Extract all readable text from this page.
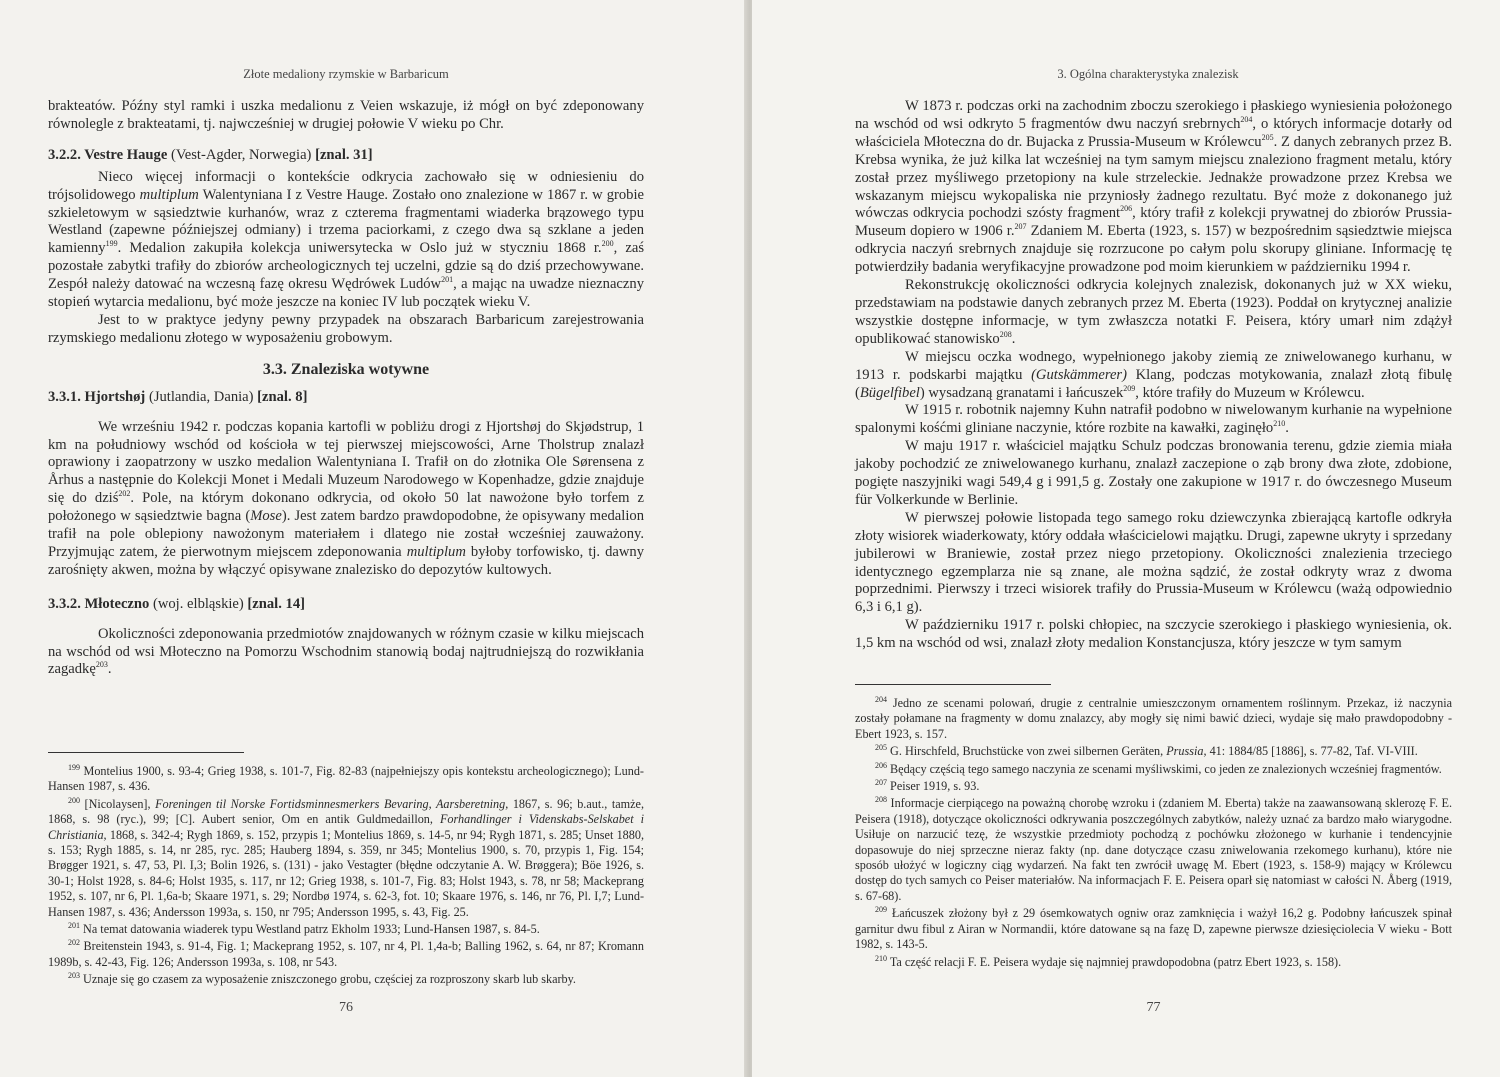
Złote medaliony rzymskie w Barbaricum

brakteatów. Późny styl ramki i uszka medalionu z Veien wskazuje, iż mógł on być zdeponowany równolegle z brakteatami, tj. najwcześniej w drugiej połowie V wieku po Chr.

3.2.2. Vestre Hauge (Vest-Agder, Norwegia) [znal. 31]

Nieco więcej informacji o kontekście odkrycia zachowało się w odniesieniu do trójsolidowego multiplum Walentyniana I z Vestre Hauge. Zostało ono znalezione w 1867 r. w grobie szkieletowym w sąsiedztwie kurhanów, wraz z czterema fragmentami wiaderka brązowego typu Westland (zapewne późniejszej odmiany) i trzema paciorkami, z czego dwa są szklane a jeden kamienny$^{199}$. Medalion zakupiła kolekcja uniwersytecka w Oslo już w styczniu 1868 r.$^{200}$, zaś pozostałe zabytki trafiły do zbiorów archeologicznych tej uczelni, gdzie są do dziś przechowywane. Zespół należy datować na wczesną fazę okresu Wędrówek Ludów$^{201}$, a mając na uwadze nieznaczny stopień wytarcia medalionu, być może jeszcze na koniec IV lub początek wieku V.

Jest to w praktyce jedyny pewny przypadek na obszarach Barbaricum zarejestrowania rzymskiego medalionu złotego w wyposażeniu grobowym.

3.3. Znaleziska wotywne

3.3.1. Hjortshøj (Jutlandia, Dania) [znal. 8]

We wrześniu 1942 r. podczas kopania kartofli w pobliżu drogi z Hjortshøj do Skjødstrup, 1 km na południowy wschód od kościoła w tej pierwszej miejscowości, Arne Tholstrup znalazł oprawiony i zaopatrzony w uszko medalion Walentyniana I. Trafił on do złotnika Ole Sørensena z Århus a następnie do Kolekcji Monet i Medali Muzeum Narodowego w Kopenhadze, gdzie znajduje się do dziś$^{202}$. Pole, na którym dokonano odkrycia, od około 50 lat nawożone było torfem z położonego w sąsiedztwie bagna (Mose). Jest zatem bardzo prawdopodobne, że opisywany medalion trafił na pole oblepiony nawożonym materiałem i dlatego nie został wcześniej zauważony. Przyjmując zatem, że pierwotnym miejscem zdeponowania multiplum byłoby torfowisko, tj. dawny zarośnięty akwen, można by włączyć opisywane znalezisko do depozytów kultowych.

3.3.2. Młoteczno (woj. elbląskie) [znal. 14]

Okoliczności zdeponowania przedmiotów znajdowanych w różnym czasie w kilku miejscach na wschód od wsi Młoteczno na Pomorzu Wschodnim stanowią bodaj najtrudniejszą do rozwikłania zagadkę$^{203}$.

$^{199}$ Montelius 1900, s. 93-4; Grieg 1938, s. 101-7, Fig. 82-83 (najpełniejszy opis kontekstu archeologicznego); Lund-Hansen 1987, s. 436.

$^{200}$ [Nicolaysen], Foreningen til Norske Fortidsminnesmerkers Bevaring, Aarsberetning, 1867, s. 96; b.aut., tamże, 1868, s. 98 (ryc.), 99; [C]. Aubert senior, Om en antik Guldmedaillon, Forhandlinger i Videnskabs-Selskabet i Christiania, 1868, s. 342-4; Rygh 1869, s. 152, przypis 1; Montelius 1869, s. 14-5, nr 94; Rygh 1871, s. 285; Unset 1880, s. 153; Rygh 1885, s. 14, nr 285, ryc. 285; Hauberg 1894, s. 359, nr 345; Montelius 1900, s. 70, przypis 1, Fig. 154; Brøgger 1921, s. 47, 53, Pl. I,3; Bolin 1926, s. (131) - jako Vestagter (błędne odczytanie A. W. Brøggera); Böe 1926, s. 30-1; Holst 1928, s. 84-6; Holst 1935, s. 117, nr 12; Grieg 1938, s. 101-7, Fig. 83; Holst 1943, s. 78, nr 58; Mackeprang 1952, s. 107, nr 6, Pl. 1,6a-b; Skaare 1971, s. 29; Nordbø 1974, s. 62-3, fot. 10; Skaare 1976, s. 146, nr 76, Pl. I,7; Lund-Hansen 1987, s. 436; Andersson 1993a, s. 150, nr 795; Andersson 1995, s. 43, Fig. 25.

$^{201}$ Na temat datowania wiaderek typu Westland patrz Ekholm 1933; Lund-Hansen 1987, s. 84-5.

$^{202}$ Breitenstein 1943, s. 91-4, Fig. 1; Mackeprang 1952, s. 107, nr 4, Pl. 1,4a-b; Balling 1962, s. 64, nr 87; Kromann 1989b, s. 42-43, Fig. 126; Andersson 1993a, s. 108, nr 543.

$^{203}$ Uznaje się go czasem za wyposażenie zniszczonego grobu, częściej za rozproszony skarb lub skarby.

76
3. Ogólna charakterystyka znalezisk

W 1873 r. podczas orki na zachodnim zboczu szerokiego i płaskiego wyniesienia położonego na wschód od wsi odkryto 5 fragmentów dwu naczyń srebrnych$^{204}$, o których informacje dotarły od właściciela Młoteczna do dr. Bujacka z Prussia-Museum w Królewcu$^{205}$. Z danych zebranych przez B. Krebsa wynika, że już kilka lat wcześniej na tym samym miejscu znaleziono fragment metalu, który został przez myśliwego przetopiony na kule strzeleckie. Jednakże prowadzone przez Krebsa we wskazanym miejscu wykopaliska nie przyniosły żadnego rezultatu. Być może z dokonanego już wówczas odkrycia pochodzi szósty fragment$^{206}$, który trafił z kolekcji prywatnej do zbiorów Prussia-Museum dopiero w 1906 r.$^{207}$ Zdaniem M. Eberta (1923, s. 157) w bezpośrednim sąsiedztwie miejsca odkrycia naczyń srebrnych znajduje się rozrzucone po całym polu skorupy gliniane. Informację tę potwierdziły badania weryfikacyjne prowadzone pod moim kierunkiem w październiku 1994 r.

Rekonstrukcję okoliczności odkrycia kolejnych znalezisk, dokonanych już w XX wieku, przedstawiam na podstawie danych zebranych przez M. Eberta (1923). Poddał on krytycznej analizie wszystkie dostępne informacje, w tym zwłaszcza notatki F. Peisera, który umarł nim zdążył opublikować stanowisko$^{208}$.

W miejscu oczka wodnego, wypełnionego jakoby ziemią ze zniwelowanego kurhanu, w 1913 r. podskarbi majątku (Gutskämmerer) Klang, podczas motykowania, znalazł złotą fibulę (Bügelfibel) wysadzaną granatami i łańcuszek$^{209}$, które trafiły do Muzeum w Królewcu.

W 1915 r. robotnik najemny Kuhn natrafił podobno w niwelowanym kurhanie na wypełnione spalonymi kośćmi gliniane naczynie, które rozbite na kawałki, zaginęło$^{210}$.

W maju 1917 r. właściciel majątku Schulz podczas bronowania terenu, gdzie ziemia miała jakoby pochodzić ze zniwelowanego kurhanu, znalazł zaczepione o ząb brony dwa złote, zdobione, pogięte naszyjniki wagi 549,4 g i 991,5 g. Zostały one zakupione w 1917 r. do ówczesnego Museum für Volkerkunde w Berlinie.

W pierwszej połowie listopada tego samego roku dziewczynka zbierającą kartofle odkryła złoty wisiorek wiaderkowaty, który oddała właścicielowi majątku. Drugi, zapewne ukryty i sprzedany jubilerowi w Braniewie, został przez niego przetopiony. Okoliczności znalezienia trzeciego identycznego egzemplarza nie są znane, ale można sądzić, że został odkryty wraz z dwoma poprzednimi. Pierwszy i trzeci wisiorek trafiły do Prussia-Museum w Królewcu (ważą odpowiednio 6,3 i 6,1 g).

W październiku 1917 r. polski chłopiec, na szczycie szerokiego i płaskiego wyniesienia, ok. 1,5 km na wschód od wsi, znalazł złoty medalion Konstancjusza, który jeszcze w tym samym

$^{204}$ Jedno ze scenami polowań, drugie z centralnie umieszczonym ornamentem roślinnym. Przekaz, iż naczynia zostały połamane na fragmenty w domu znalazcy, aby mogły się nimi bawić dzieci, wydaje się mało prawdopodobny - Ebert 1923, s. 157.

$^{205}$ G. Hirschfeld, Bruchstücke von zwei silbernen Geräten, Prussia, 41: 1884/85 [1886], s. 77-82, Taf. VI-VIII.

$^{206}$ Będący częścią tego samego naczynia ze scenami myśliwskimi, co jeden ze znalezionych wcześniej fragmentów.

$^{207}$ Peiser 1919, s. 93.

$^{208}$ Informacje cierpiącego na poważną chorobę wzroku i (zdaniem M. Eberta) także na zaawansowaną sklerozę F. E. Peisera (1918), dotyczące okoliczności odkrywania poszczególnych zabytków, należy uznać za bardzo mało wiarygodne. Usiłuje on narzucić tezę, że wszystkie przedmioty pochodzą z pochówku złożonego w kurhanie i tendencyjnie dopasowuje do niej sprzeczne nieraz fakty (np. dane dotyczące czasu zniwelowania rzekomego kurhanu), które nie sposób ułożyć w logiczny ciąg wydarzeń. Na fakt ten zwrócił uwagę M. Ebert (1923, s. 158-9) mający w Królewcu dostęp do tych samych co Peiser materiałów. Na informacjach F. E. Peisera oparł się natomiast w całości N. Åberg (1919, s. 67-68).

$^{209}$ Łańcuszek złożony był z 29 ósemkowatych ogniw oraz zamknięcia i ważył 16,2 g. Podobny łańcuszek spinał garnitur dwu fibul z Airan w Normandii, które datowane są na fazę D, zapewne pierwsze dziesięciolecia V wieku - Bott 1982, s. 143-5.

$^{210}$ Ta część relacji F. E. Peisera wydaje się najmniej prawdopodobna (patrz Ebert 1923, s. 158).

77
